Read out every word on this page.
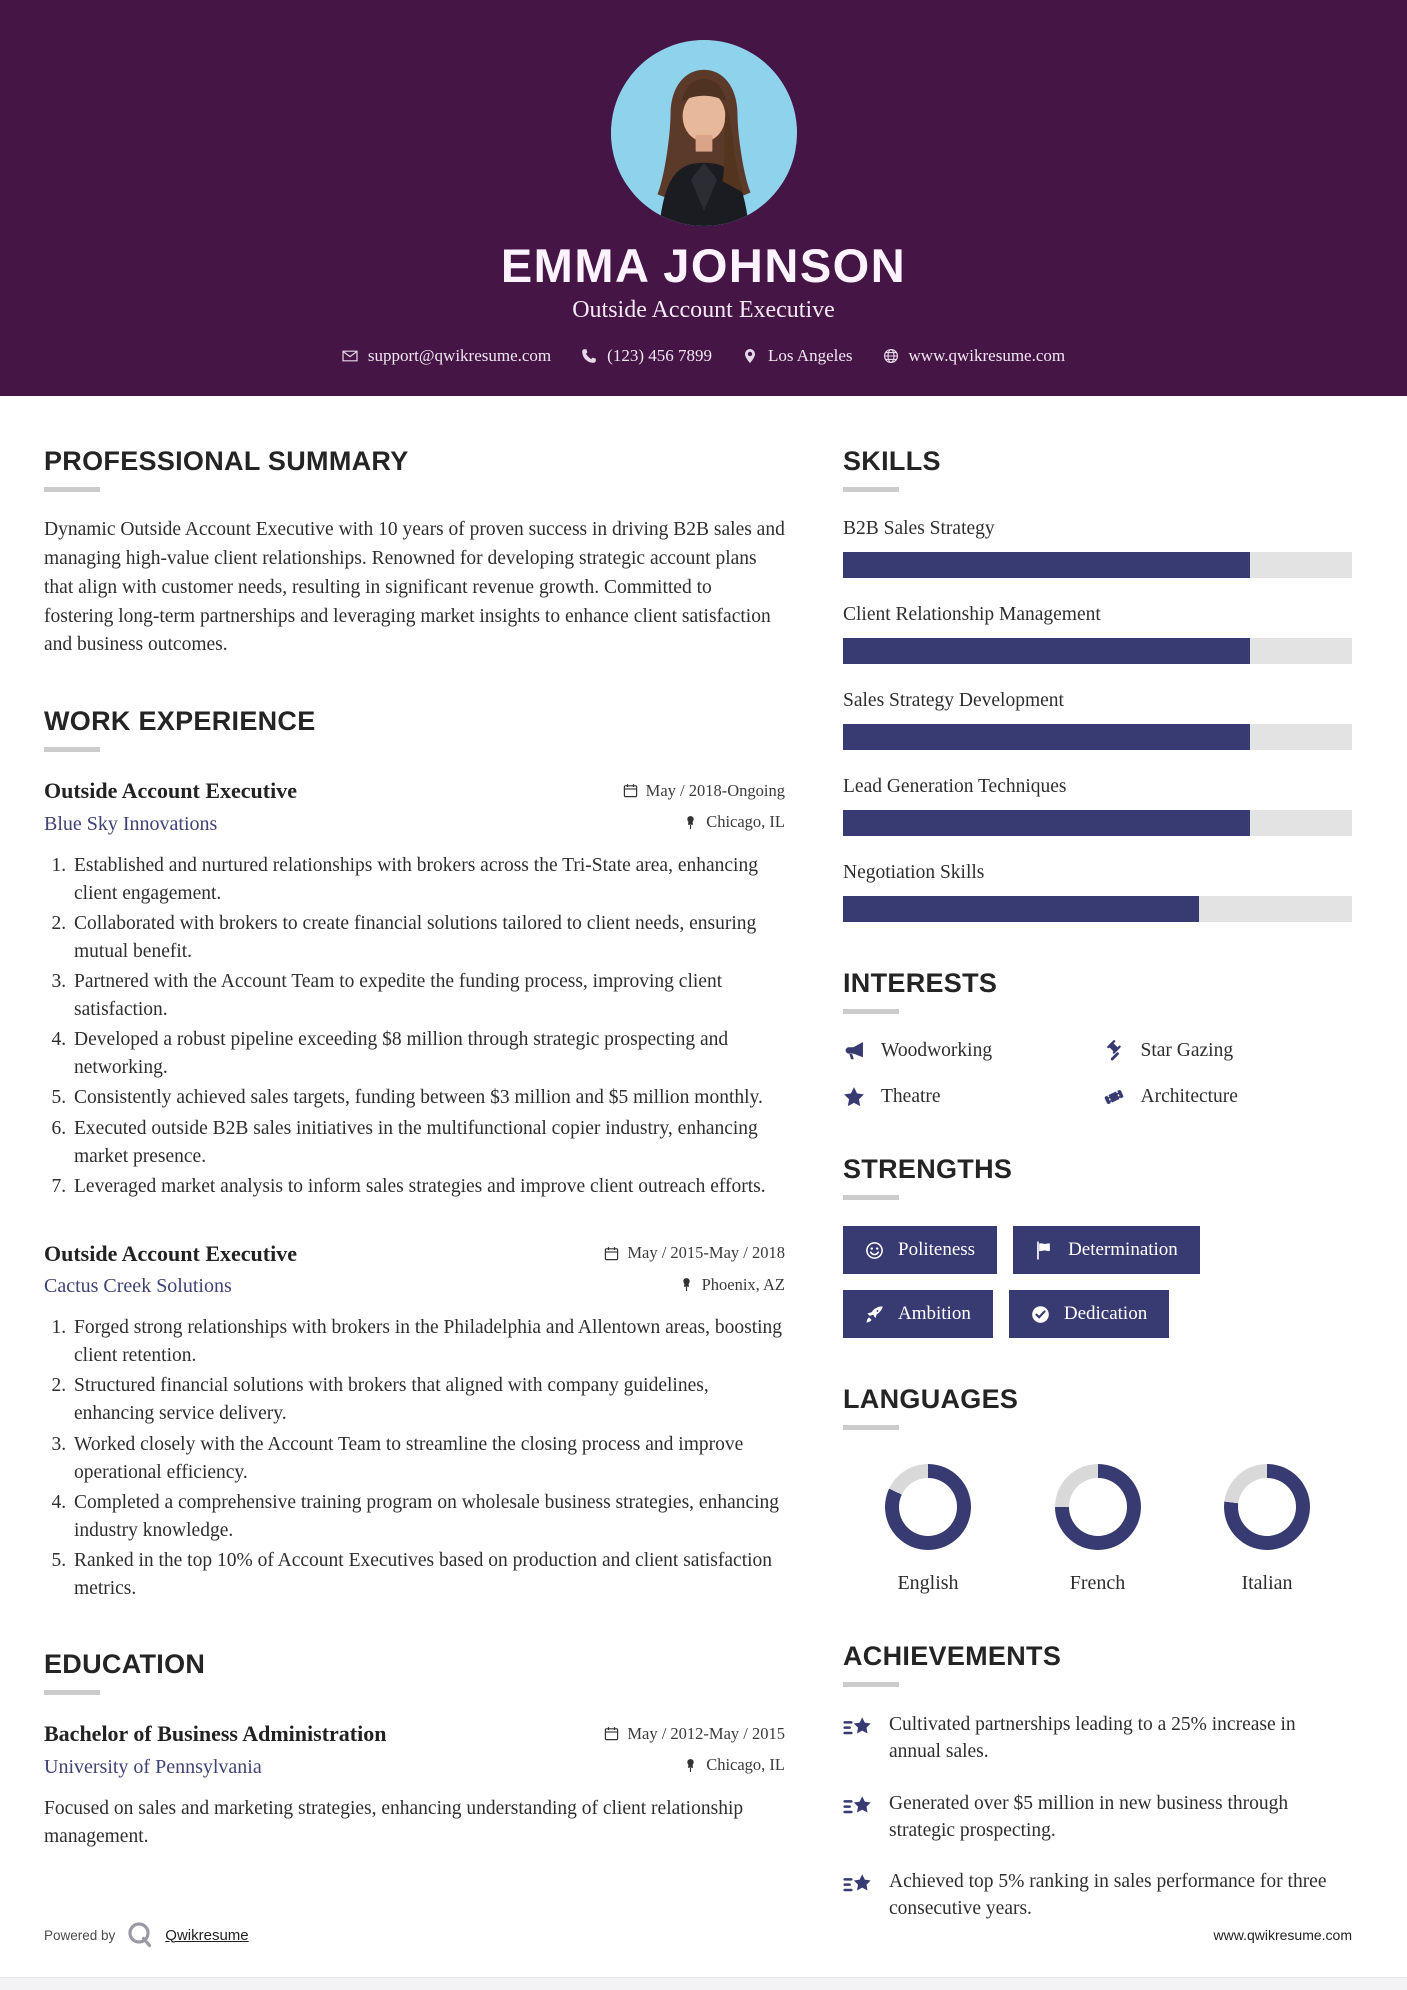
EMMA JOHNSON
Outside Account Executive
support@qwikresume.com	(123) 456 7899	Los Angeles	www.qwikresume.com
PROFESSIONAL SUMMARY

Dynamic Outside Account Executive with 10 years of proven success in driving B2B sales and managing high-value client relationships. Renowned for developing strategic account plans that align with customer needs, resulting in significant revenue growth. Committed to fostering long-term partnerships and leveraging market insights to enhance client satisfaction and business outcomes.

WORK EXPERIENCE
Outside Account Executive	May / 2018-Ongoing
Blue Sky Innovations	Chicago, IL
1. Established and nurtured relationships with brokers across the Tri-State area, enhancing client engagement.
2. Collaborated with brokers to create financial solutions tailored to client needs, ensuring mutual benefit.
3. Partnered with the Account Team to expedite the funding process, improving client satisfaction.
4. Developed a robust pipeline exceeding $8 million through strategic prospecting and networking.
5. Consistently achieved sales targets, funding between $3 million and $5 million monthly.
6. Executed outside B2B sales initiatives in the multifunctional copier industry, enhancing market presence.
7. Leveraged market analysis to inform sales strategies and improve client outreach efforts.
Outside Account Executive	May / 2015-May / 2018
Cactus Creek Solutions	Phoenix, AZ
1. Forged strong relationships with brokers in the Philadelphia and Allentown areas, boosting client retention.
2. Structured financial solutions with brokers that aligned with company guidelines, enhancing service delivery.
3. Worked closely with the Account Team to streamline the closing process and improve operational efficiency.
4. Completed a comprehensive training program on wholesale business strategies, enhancing industry knowledge.
5. Ranked in the top 10% of Account Executives based on production and client satisfaction metrics.
EDUCATION
Bachelor of Business Administration	May / 2012-May / 2015
University of Pennsylvania	Chicago, IL

Focused on sales and marketing strategies, enhancing understanding of client relationship management.

SKILLS
B2B Sales Strategy
Client Relationship Management
Sales Strategy Development
Lead Generation Techniques
Negotiation Skills
INTERESTS
Woodworking	Star Gazing
Theatre	Architecture
STRENGTHS
Politeness	Determination
Ambition	Dedication
LANGUAGES
English	French	Italian
ACHIEVEMENTS
Cultivated partnerships leading to a 25% increase in annual sales.
Generated over $5 million in new business through strategic prospecting.
Achieved top 5% ranking in sales performance for three consecutive years.
Powered by	Qwikresume	www.qwikresume.com
